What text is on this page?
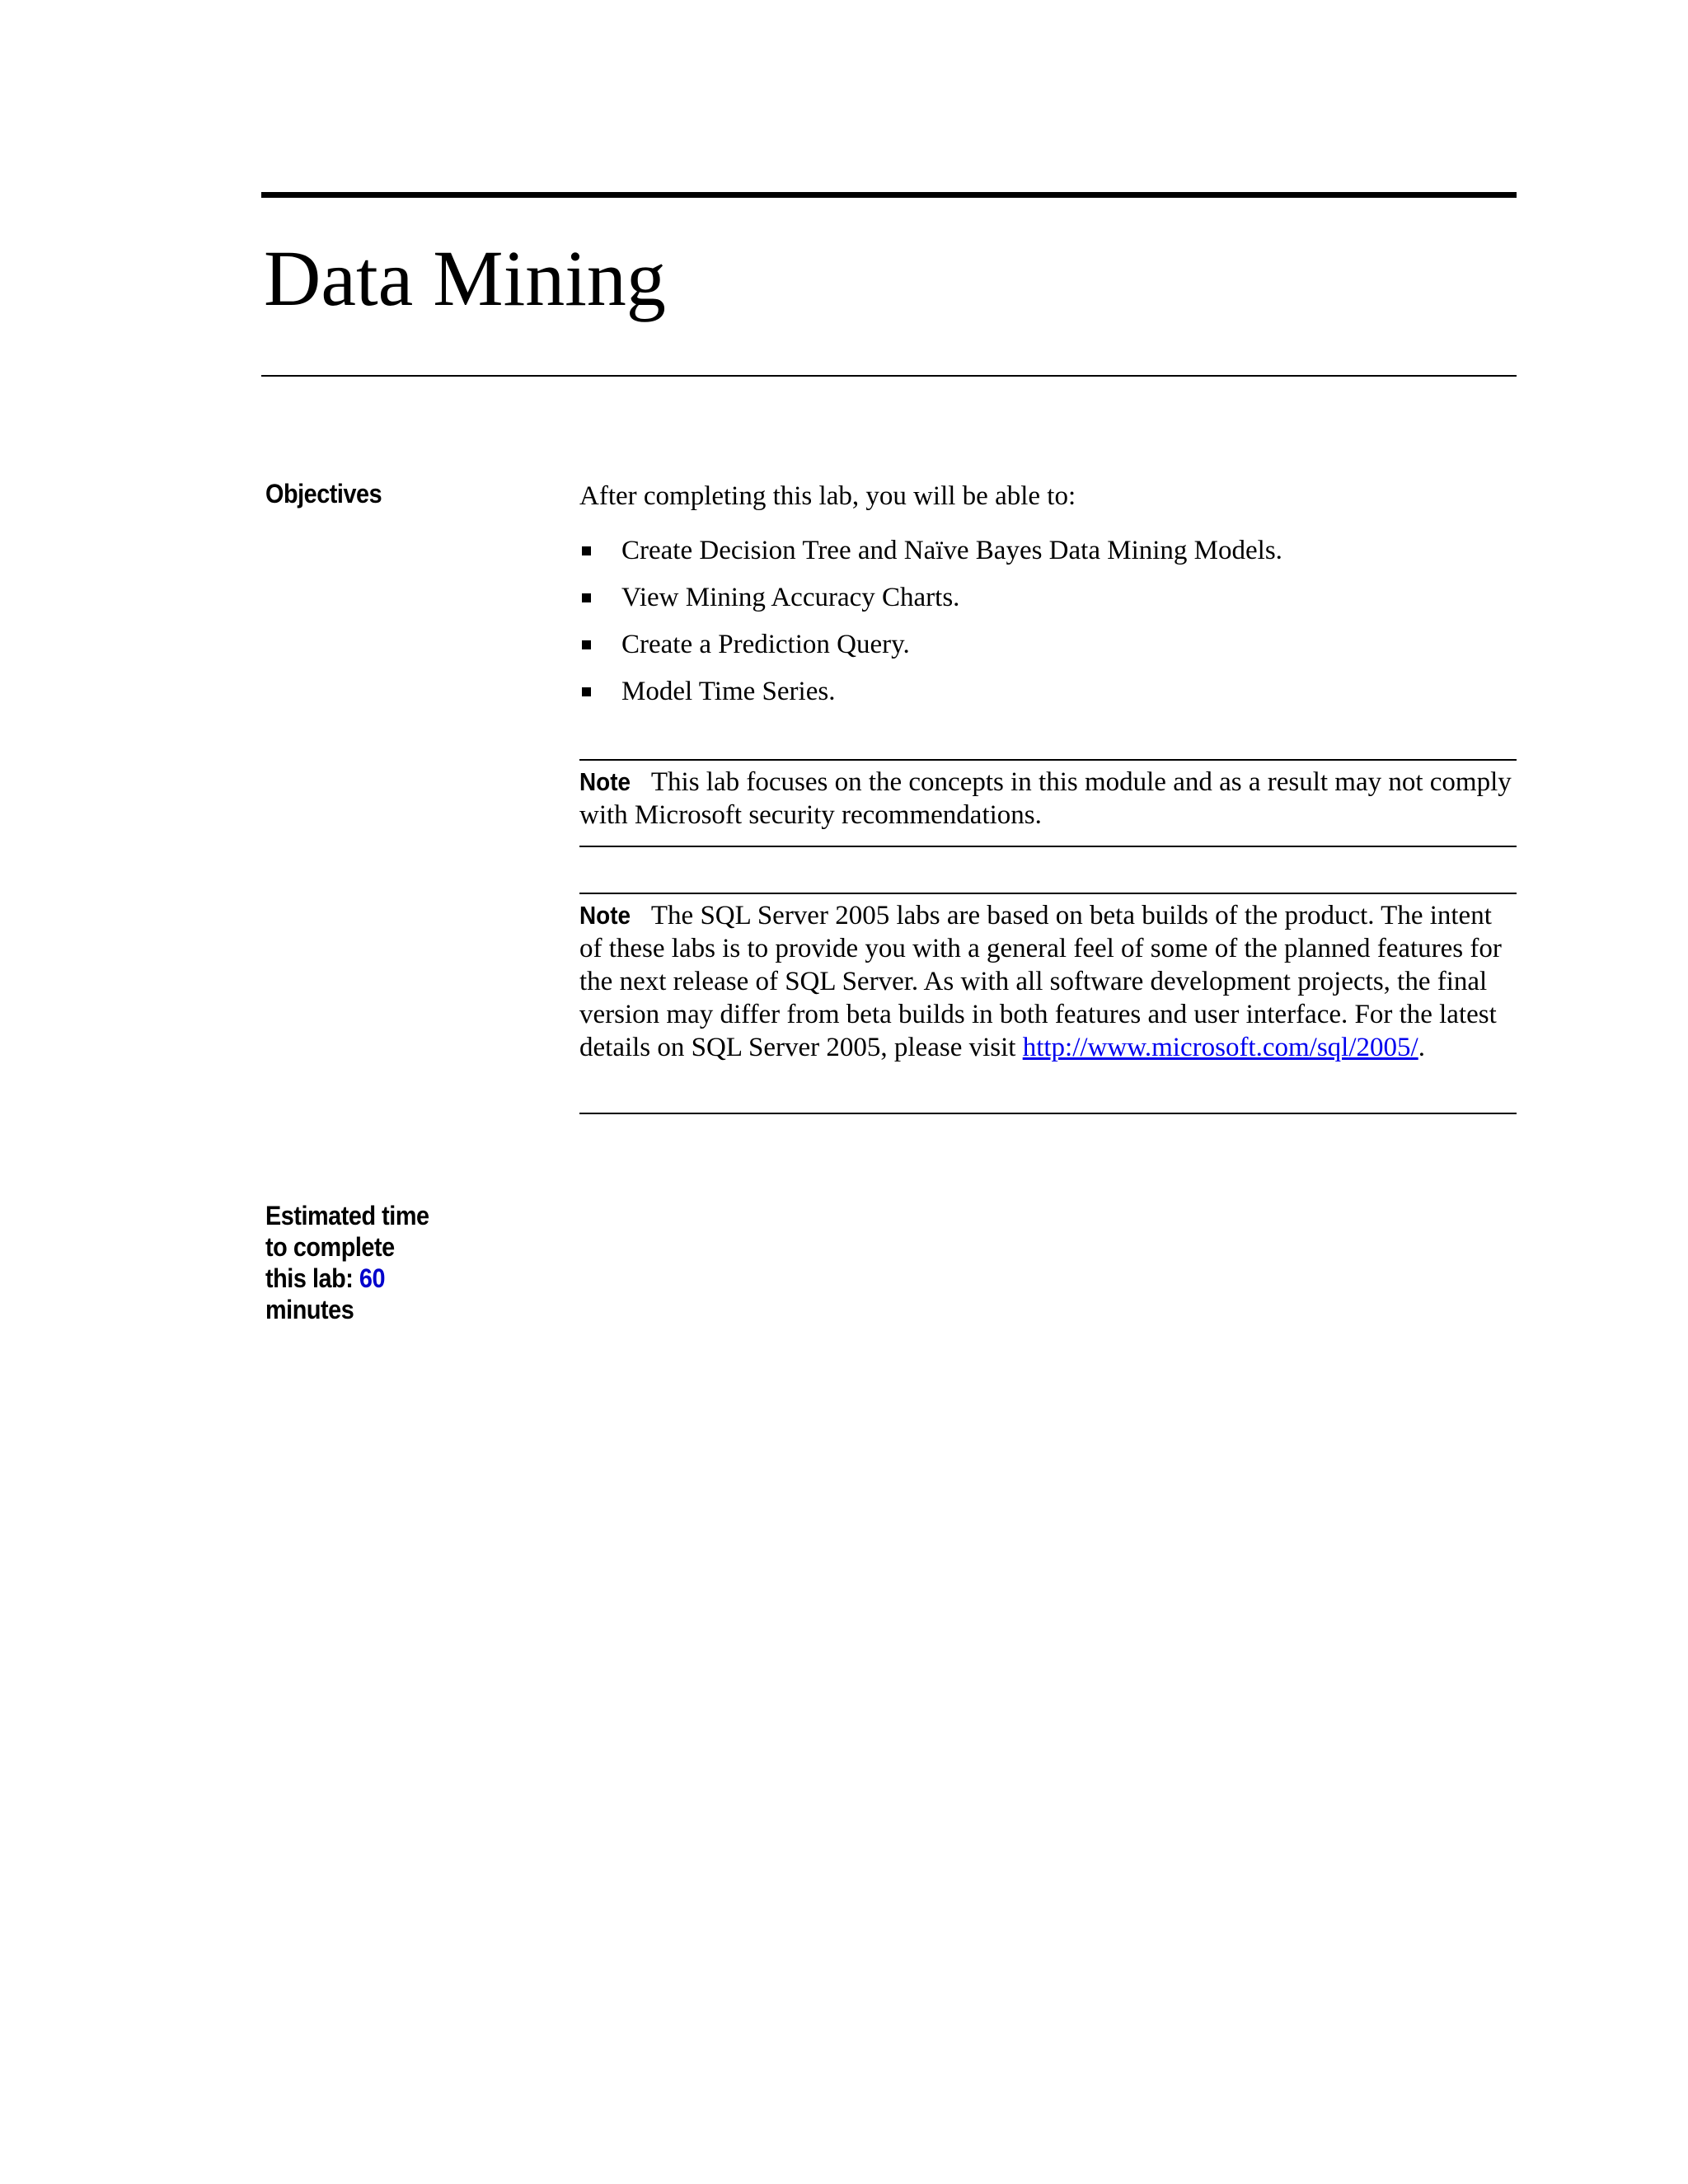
Data Mining
Objectives	After completing this lab, you will be able to:
Create Decision Tree and Naïve Bayes Data Mining Models.
View Mining Accuracy Charts.
Create a Prediction Query.
Model Time Series.
Note This lab focuses on the concepts in this module and as a result may not comply with Microsoft security recommendations.
Note The SQL Server 2005 labs are based on beta builds of the product. The intent of these labs is to provide you with a general feel of some of the planned features for the next release of SQL Server. As with all software development projects, the final version may differ from beta builds in both features and user interface. For the latest details on SQL Server 2005, please visit http://www.microsoft.com/sql/2005/.
Estimated time to complete this lab: 60
minutes
